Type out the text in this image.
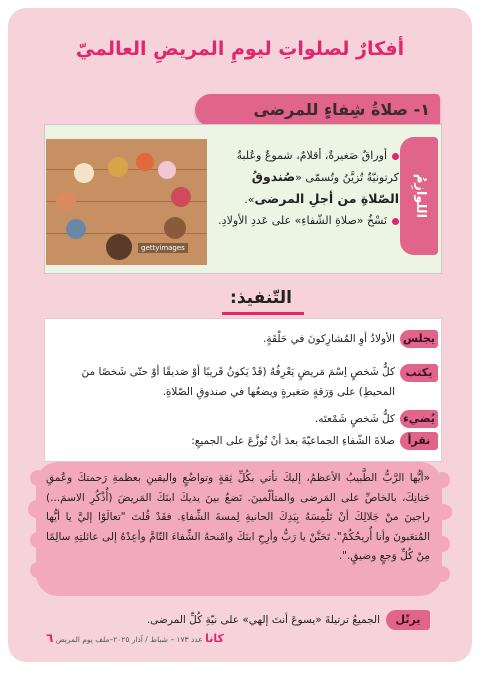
أفكارٌ لصلواتِ ليومِ المريضِ العالميّ
١- صلاةُ شِفاءٍ للمرضى
gettyimages
اللوازِمُ
أوراقٌ صَغيرةٌ، أقلامٌ، شموعٌ وعُلبةٌ كرتونيّةٌ تُزيَّنُ وتُسمّى «صُندوقُ الصّلاةِ من أجلِ المرضى».
نَسْخُ «صلاةِ الشّفاءِ» على عَددِ الأولادِ.
التّنفيذ:
يجلس
الأولادُ أوِ المُشارِكونَ في حَلْقَةٍ.
يكتب
كلُّ شَخصٍ اِسْمَ مَريضٍ يَعْرِفُهُ (قَدْ يَكونُ قَريبًا أوْ صَديقًا أوْ حتّى شَخصًا منَ المحيطِ) على وَرَقةٍ صَغيرةٍ ويضعُها في صندوقِ الصّلاةِ.
يُضيء
كلُّ شَخصٍ شَمْعتَه.
نقرأ
صلاةَ الشّفاءِ الجماعيّةَ بعدَ أنْ تُوزَّعَ على الجميعِ:
«أيُّها الرَّبُّ الطَّبيبُ الأعظمُ، إليكَ نأتي بكُلِّ ثِقةٍ وتواضُعٍ واليقينِ بعظمةِ رَحمتكَ وعُمقِ حَنانِكَ، بالخاصِّ على المَرضى والمتألّمينَ. نَضعُ بينَ يديكَ ابنَكَ المَريضَ (أُذْكُرِ الاسمَ...) راجينَ منْ جَلالِكَ أنْ تَلْمِسَهُ بِيَدِكَ الحانيةِ لِمسةَ الشِّفاءِ. فقَدْ قُلتَ "تعالَوْا إليَّ يا أيُّها المُتعَبونَ وأنا أُريحُكُمْ". تَحَنَّنْ يا رَبُّ وأرِحِ ابنَكَ وامْنحهُ الشِّفاءَ التّامَّ وأعِدْهُ إلى عائلتِهِ سالِمًا مِنْ كُلِّ وَجعٍ وضيقٍ.".
يرتّل
الجميعُ ترتيلةَ «يسوعَ أنتَ إلهي» على نيّةِ كُلِّ المرضى.
كانا عدد ١٧٣ – شباط / آذار ٢٠٢٥–ملف يوم المريض ٦
